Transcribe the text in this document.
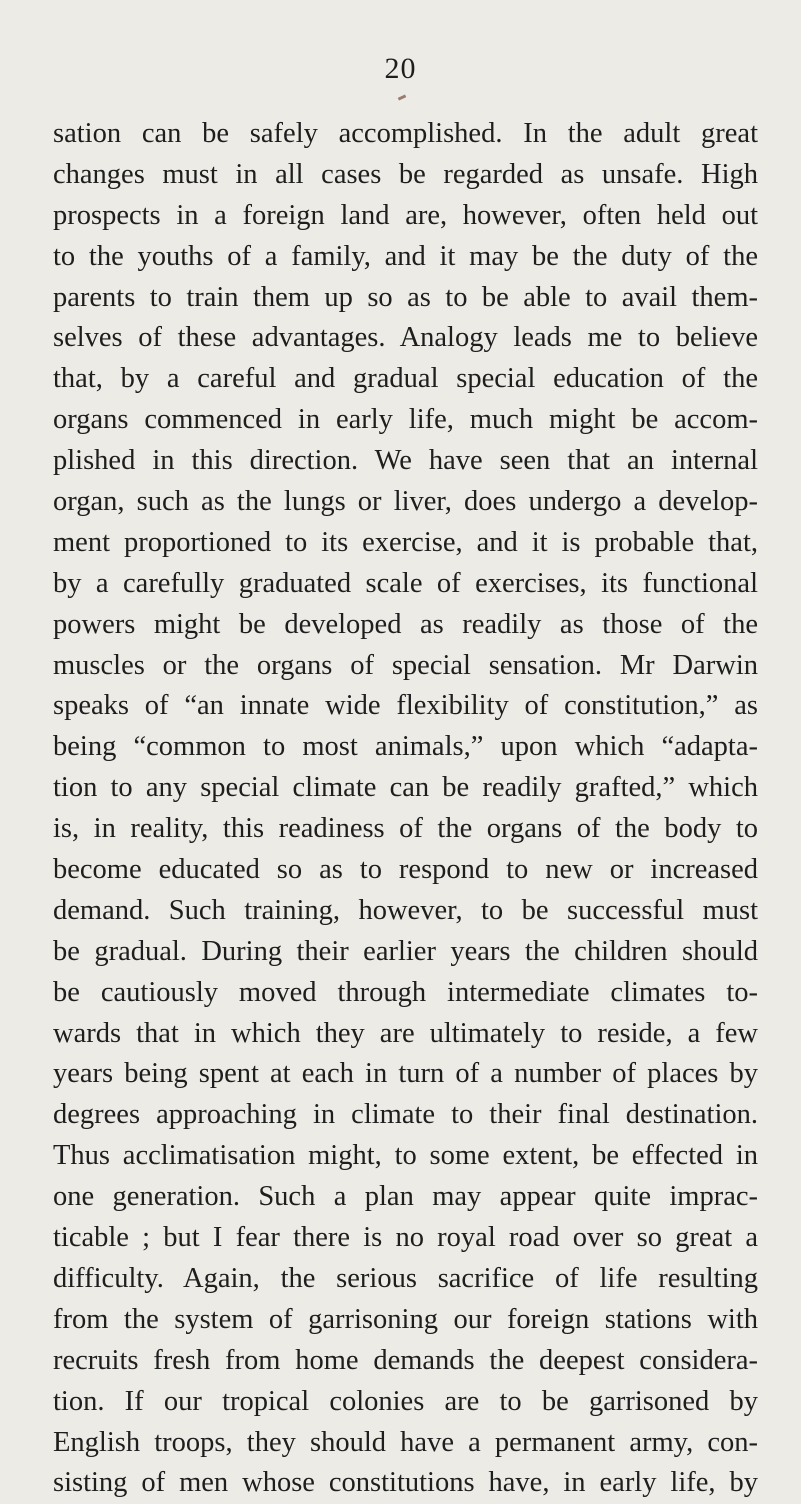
20
sation can be safely accomplished. In the adult great
changes must in all cases be regarded as unsafe. High
prospects in a foreign land are, however, often held out
to the youths of a family, and it may be the duty of the
parents to train them up so as to be able to avail them-
selves of these advantages. Analogy leads me to believe
that, by a careful and gradual special education of the
organs commenced in early life, much might be accom-
plished in this direction. We have seen that an internal
organ, such as the lungs or liver, does undergo a develop-
ment proportioned to its exercise, and it is probable that,
by a carefully graduated scale of exercises, its functional
powers might be developed as readily as those of the
muscles or the organs of special sensation. Mr Darwin
speaks of “an innate wide flexibility of constitution,” as
being “common to most animals,” upon which “adapta-
tion to any special climate can be readily grafted,” which
is, in reality, this readiness of the organs of the body to
become educated so as to respond to new or increased
demand. Such training, however, to be successful must
be gradual. During their earlier years the children should
be cautiously moved through intermediate climates to-
wards that in which they are ultimately to reside, a few
years being spent at each in turn of a number of places by
degrees approaching in climate to their final destination.
Thus acclimatisation might, to some extent, be effected in
one generation. Such a plan may appear quite imprac-
ticable ; but I fear there is no royal road over so great a
difficulty. Again, the serious sacrifice of life resulting
from the system of garrisoning our foreign stations with
recruits fresh from home demands the deepest considera-
tion. If our tropical colonies are to be garrisoned by
English troops, they should have a permanent army, con-
sisting of men whose constitutions have, in early life, by
